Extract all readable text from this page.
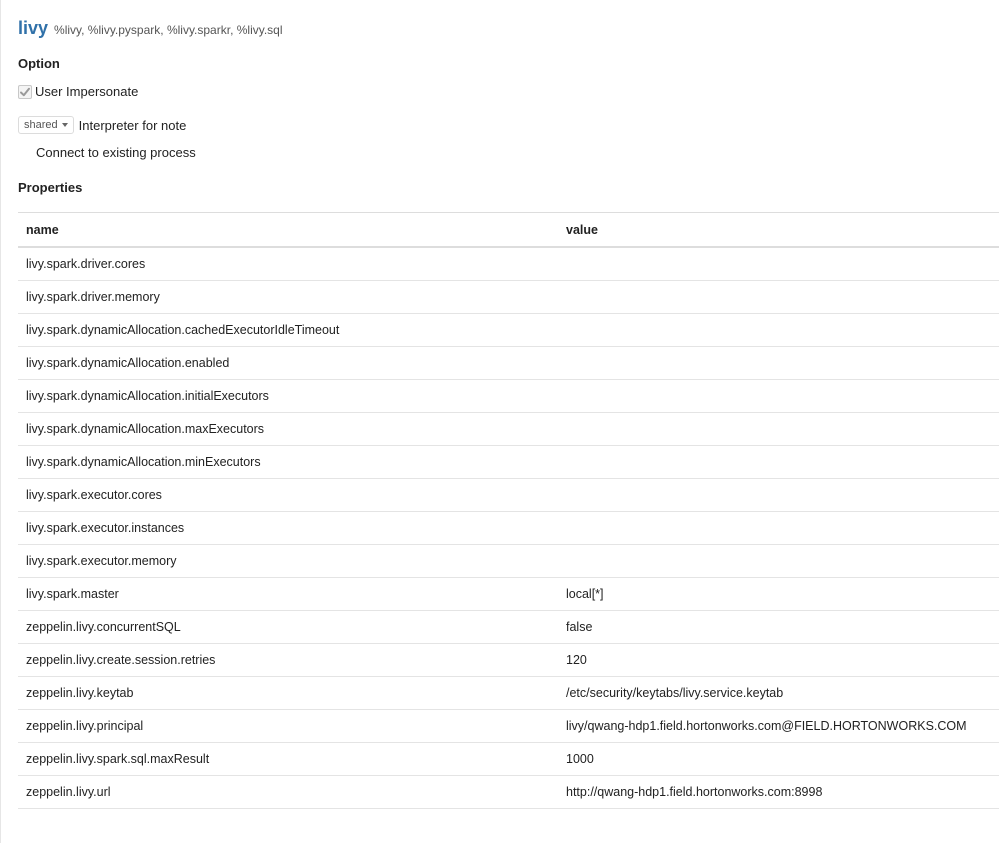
livy %livy, %livy.pyspark, %livy.sparkr, %livy.sql
Option
User Impersonate
shared Interpreter for note
Connect to existing process
Properties
name	value
livy.spark.driver.cores	
livy.spark.driver.memory	
livy.spark.dynamicAllocation.cachedExecutorIdleTimeout	
livy.spark.dynamicAllocation.enabled	
livy.spark.dynamicAllocation.initialExecutors	
livy.spark.dynamicAllocation.maxExecutors	
livy.spark.dynamicAllocation.minExecutors	
livy.spark.executor.cores	
livy.spark.executor.instances	
livy.spark.executor.memory	
livy.spark.master	local[*]
zeppelin.livy.concurrentSQL	false
zeppelin.livy.create.session.retries	120
zeppelin.livy.keytab	/etc/security/keytabs/livy.service.keytab
zeppelin.livy.principal	livy/qwang-hdp1.field.hortonworks.com@FIELD.HORTONWORKS.COM
zeppelin.livy.spark.sql.maxResult	1000
zeppelin.livy.url	http://qwang-hdp1.field.hortonworks.com:8998
